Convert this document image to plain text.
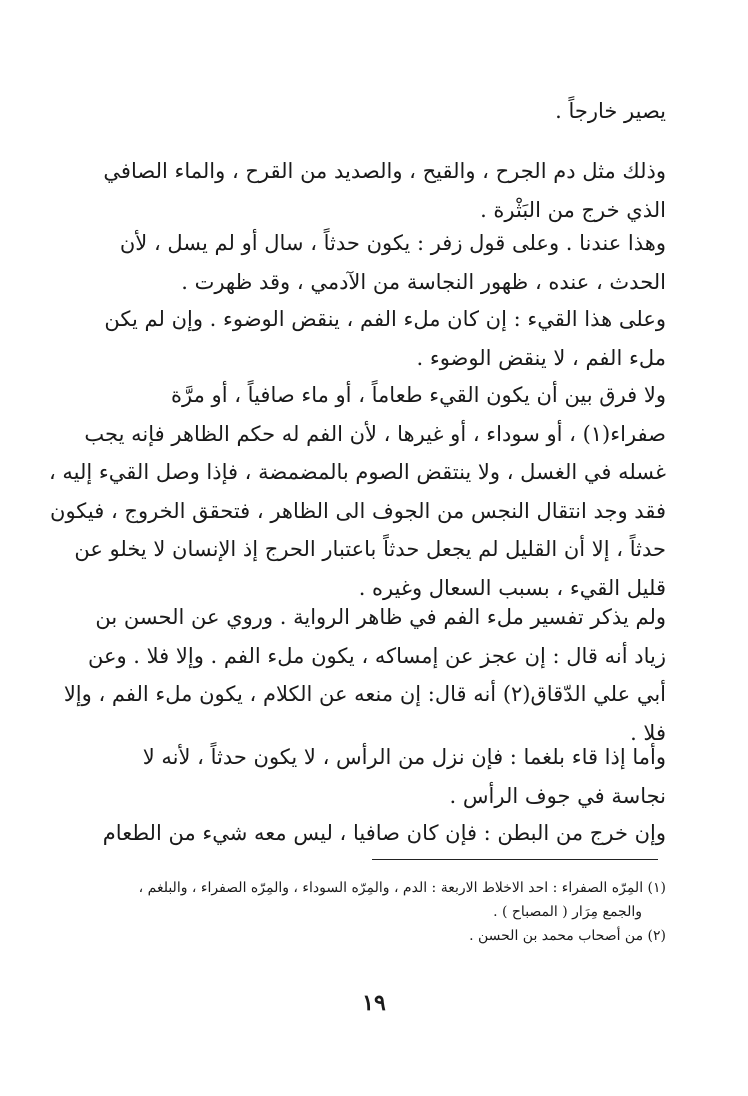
يصير خارجاً .
وذلك مثل دم الجرح ، والقيح ، والصديد من القرح ، والماء الصافي
الذي خرج من البَثْرة .
وهذا عندنا . وعلى قول زفر : يكون حدثاً ، سال أو لم يسل ، لأن
الحدث ، عنده ، ظهور النجاسة من الآدمي ، وقد ظهرت .
وعلى هذا القيء : إن كان ملء الفم ، ينقض الوضوء . وإن لم يكن
ملء الفم ، لا ينقض الوضوء .
ولا فرق بين أن يكون القيء طعاماً ، أو ماء صافياً ، أو مرَّة
صفراء(١) ، أو سوداء ، أو غيرها ، لأن الفم له حكم الظاهر فإنه يجب
غسله في الغسل ، ولا ينتقض الصوم بالمضمضة ، فإذا وصل القيء إليه ،
فقد وجد انتقال النجس من الجوف الى الظاهر ، فتحقق الخروج ، فيكون
حدثاً ، إلا أن القليل لم يجعل حدثاً باعتبار الحرج إذ الإنسان لا يخلو عن
قليل القيء ، بسبب السعال وغيره .
ولم يذكر تفسير ملء الفم في ظاهر الرواية . وروي عن الحسن بن
زياد أنه قال : إن عجز عن إمساكه ، يكون ملء الفم . وإلا فلا . وعن
أبي علي الدّقاق(٢) أنه قال: إن منعه عن الكلام ، يكون ملء الفم ، وإلا
فلا .
وأما إذا قاء بلغما : فإن نزل من الرأس ، لا يكون حدثاً ، لأنه لا
نجاسة في جوف الرأس .
وإن خرج من البطن : فإن كان صافيا ، ليس معه شيء من الطعام
(١) المِرّه الصفراء : احد الاخلاط الاربعة : الدم ، والمِرّه السوداء ، والمِرّه الصفراء ، والبلغم ،
والجمع مِرَار ( المصباح ) .
(٢) من أصحاب محمد بن الحسن .
١٩
